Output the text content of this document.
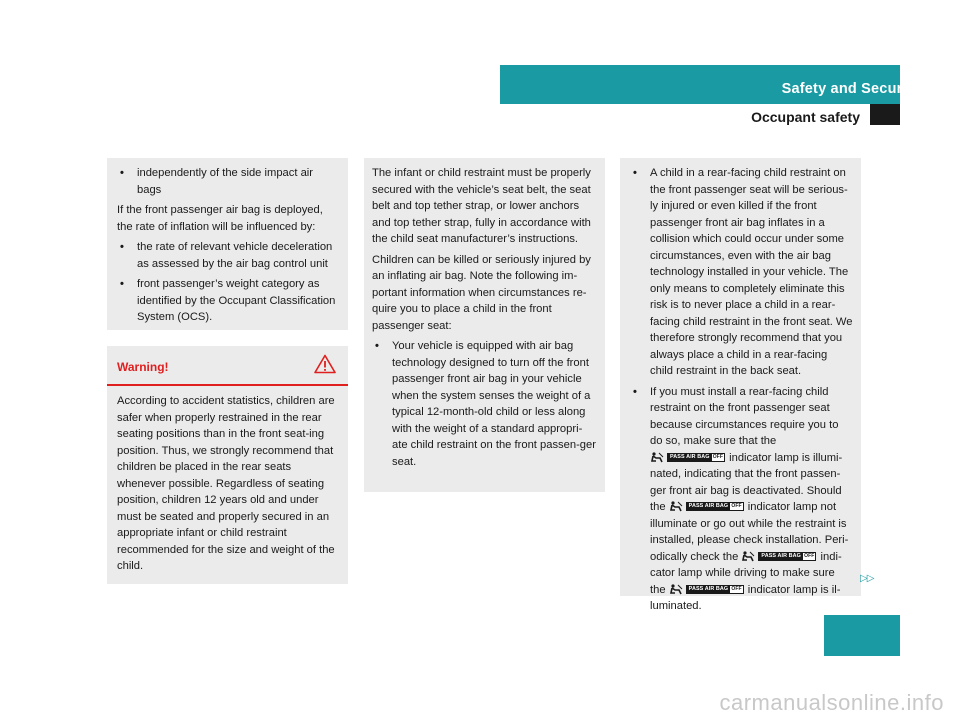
Safety and Security
Occupant safety
• independently of the side impact air bags

If the front passenger air bag is deployed, the rate of inflation will be influenced by:

• the rate of relevant vehicle deceleration as assessed by the air bag control unit
• front passenger’s weight category as identified by the Occupant Classification System (OCS).
Warning!

According to accident statistics, children are safer when properly restrained in the rear seating positions than in the front seat-ing position. Thus, we strongly recommend that children be placed in the rear seats whenever possible. Regardless of seating position, children 12 years old and under must be seated and properly secured in an appropriate infant or child restraint recommended for the size and weight of the child.

The infant or child restraint must be properly secured with the vehicle’s seat belt, the seat belt and top tether strap, or lower anchors and top tether strap, fully in accordance with the child seat manufacturer’s instructions.

Children can be killed or seriously injured by an inflating air bag. Note the following im-portant information when circumstances re-quire you to place a child in the front passenger seat:

• Your vehicle is equipped with air bag technology designed to turn off the front passenger front air bag in your vehicle when the system senses the weight of a typical 12-month-old child or less along with the weight of a standard appropri-ate child restraint on the front passen-ger seat.
• A child in a rear-facing child restraint on the front passenger seat will be serious-ly injured or even killed if the front passenger front air bag inflates in a collision which could occur under some circumstances, even with the air bag technology installed in your vehicle. The only means to completely eliminate this risk is to never place a child in a rear-facing child restraint in the front seat. We therefore strongly recommend that you always place a child in a rear-facing child restraint in the back seat.
• If you must install a rear-facing child restraint on the front passenger seat because circumstances require you to do so, make sure that the
PASS AIR BAG OFF indicator lamp is illumi-nated, indicating that the front passen-ger front air bag is deactivated. Should the	PASS AIR BAG OFF indicator lamp not illuminate or go out while the restraint is installed, please check installation. Peri-odically check the	PASS AIR BAG OFF indi-cator lamp while driving to make sure the	PASS AIR BAG OFF indicator lamp is il-luminated.
▷▷
49
carmanualsonline.info
